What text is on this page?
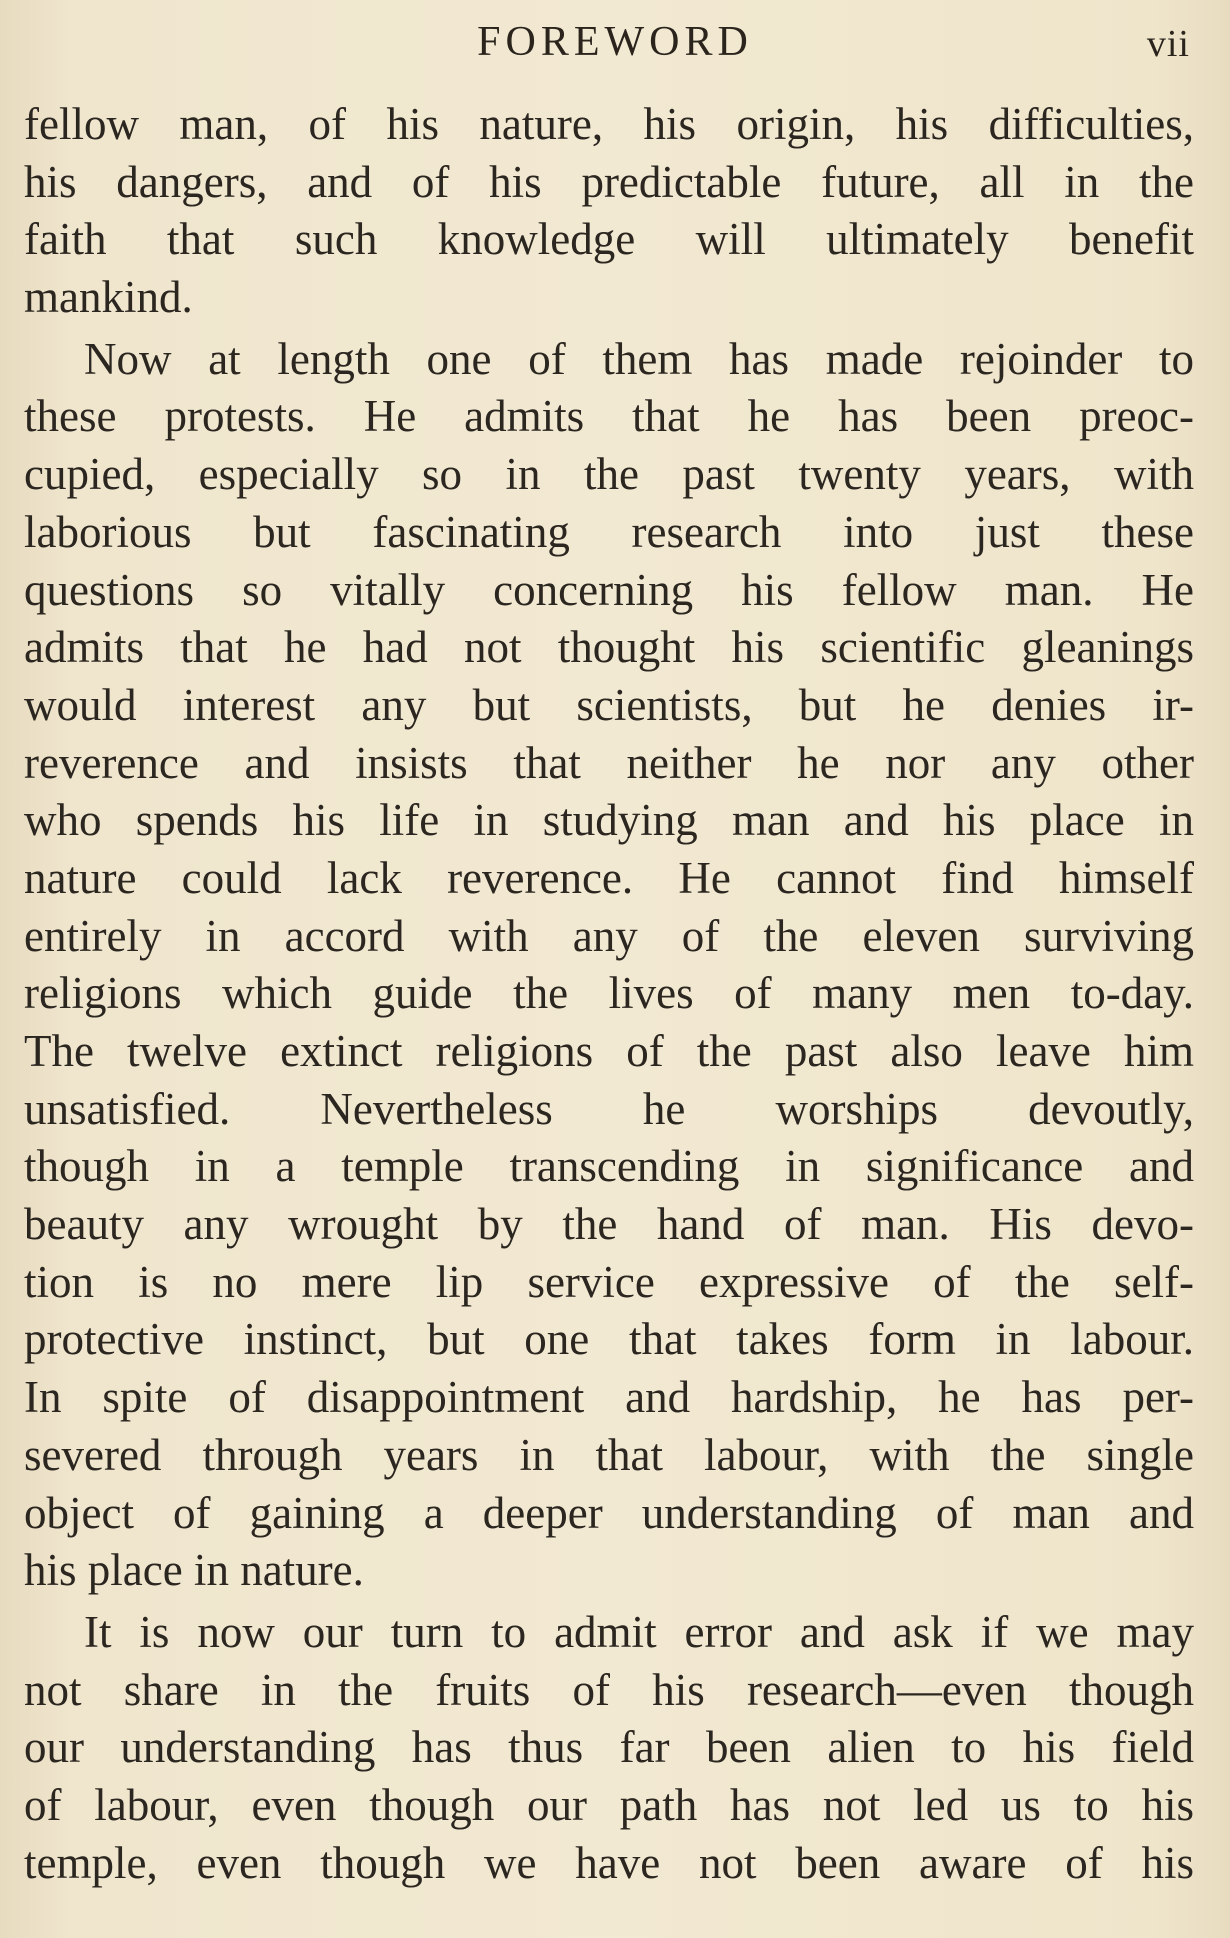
FOREWORD	vii
fellow man, of his nature, his origin, his difficulties,
his dangers, and of his predictable future, all in the
faith that such knowledge will ultimately benefit
mankind.
Now at length one of them has made rejoinder to
these protests. He admits that he has been preoc-
cupied, especially so in the past twenty years, with
laborious but fascinating research into just these
questions so vitally concerning his fellow man. He
admits that he had not thought his scientific gleanings
would interest any but scientists, but he denies ir-
reverence and insists that neither he nor any other
who spends his life in studying man and his place in
nature could lack reverence. He cannot find himself
entirely in accord with any of the eleven surviving
religions which guide the lives of many men to-day.
The twelve extinct religions of the past also leave him
unsatisfied. Nevertheless he worships devoutly,
though in a temple transcending in significance and
beauty any wrought by the hand of man. His devo-
tion is no mere lip service expressive of the self-
protective instinct, but one that takes form in labour.
In spite of disappointment and hardship, he has per-
severed through years in that labour, with the single
object of gaining a deeper understanding of man and
his place in nature.
It is now our turn to admit error and ask if we may
not share in the fruits of his research—even though
our understanding has thus far been alien to his field
of labour, even though our path has not led us to his
temple, even though we have not been aware of his
